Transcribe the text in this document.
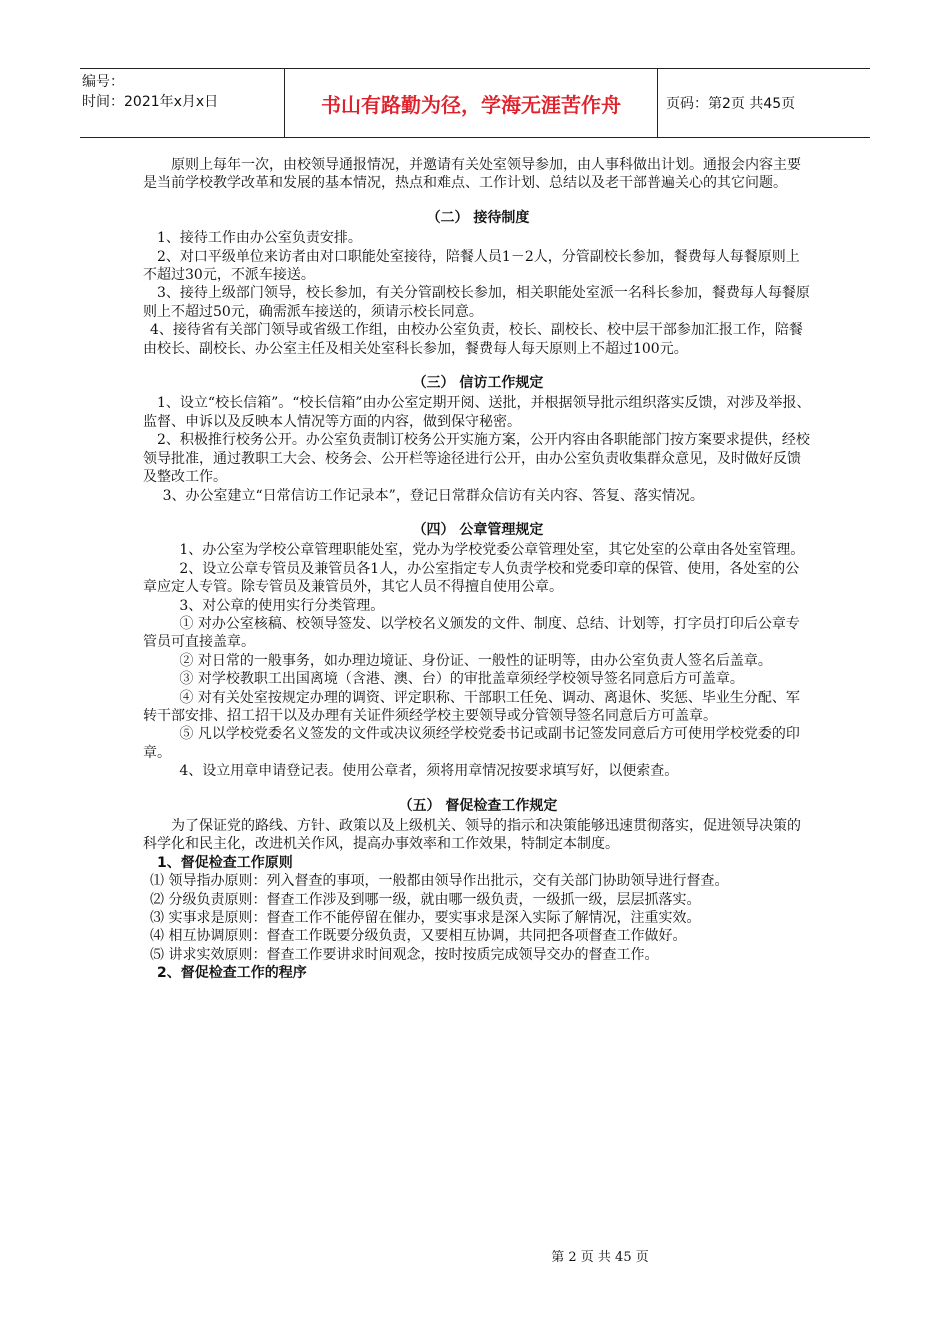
编号：
时间：2021年x月x日	书山有路勤为径，学海无涯苦作舟	页码：第2页 共45页

原则上每年一次，由校领导通报情况，并邀请有关处室领导参加，由人事科做出计划。通报会内容主要是当前学校教学改革和发展的基本情况，热点和难点、工作计划、总结以及老干部普遍关心的其它问题。

（二） 接待制度

1、接待工作由办公室负责安排。

2、对口平级单位来访者由对口职能处室接待，陪餐人员1－2人，分管副校长参加，餐费每人每餐原则上不超过30元，不派车接送。

3、接待上级部门领导，校长参加，有关分管副校长参加，相关职能处室派一名科长参加，餐费每人每餐原则上不超过50元，确需派车接送的，须请示校长同意。

4、接待省有关部门领导或省级工作组，由校办公室负责，校长、副校长、校中层干部参加汇报工作，陪餐由校长、副校长、办公室主任及相关处室科长参加，餐费每人每天原则上不超过100元。

（三） 信访工作规定

1、设立“校长信箱”。“校长信箱”由办公室定期开阅、送批，并根据领导批示组织落实反馈，对涉及举报、监督、申诉以及反映本人情况等方面的内容，做到保守秘密。

2、积极推行校务公开。办公室负责制订校务公开实施方案，公开内容由各职能部门按方案要求提供，经校领导批准，通过教职工大会、校务会、公开栏等途径进行公开，由办公室负责收集群众意见，及时做好反馈及整改工作。

3、办公室建立“日常信访工作记录本”，登记日常群众信访有关内容、答复、落实情况。

（四） 公章管理规定

1、办公室为学校公章管理职能处室，党办为学校党委公章管理处室，其它处室的公章由各处室管理。

2、设立公章专管员及兼管员各1人，办公室指定专人负责学校和党委印章的保管、使用，各处室的公章应定人专管。除专管员及兼管员外，其它人员不得擅自使用公章。

3、对公章的使用实行分类管理。

① 对办公室核稿、校领导签发、以学校名义颁发的文件、制度、总结、计划等，打字员打印后公章专管员可直接盖章。

② 对日常的一般事务，如办理边境证、身份证、一般性的证明等，由办公室负责人签名后盖章。

③ 对学校教职工出国离境（含港、澳、台）的审批盖章须经学校领导签名同意后方可盖章。

④ 对有关处室按规定办理的调资、评定职称、干部职工任免、调动、离退休、奖惩、毕业生分配、军转干部安排、招工招干以及办理有关证件须经学校主要领导或分管领导签名同意后方可盖章。

⑤ 凡以学校党委名义签发的文件或决议须经学校党委书记或副书记签发同意后方可使用学校党委的印章。

4、设立用章申请登记表。使用公章者，须将用章情况按要求填写好，以便索查。

（五） 督促检查工作规定

为了保证党的路线、方针、政策以及上级机关、领导的指示和决策能够迅速贯彻落实，促进领导决策的科学化和民主化，改进机关作风，提高办事效率和工作效果，特制定本制度。

1、督促检查工作原则

⑴ 领导指办原则：列入督查的事项，一般都由领导作出批示，交有关部门协助领导进行督查。

⑵ 分级负责原则：督查工作涉及到哪一级，就由哪一级负责，一级抓一级，层层抓落实。

⑶ 实事求是原则：督查工作不能停留在催办，要实事求是深入实际了解情况，注重实效。

⑷ 相互协调原则：督查工作既要分级负责，又要相互协调，共同把各项督查工作做好。

⑸ 讲求实效原则：督查工作要讲求时间观念，按时按质完成领导交办的督查工作。

2、督促检查工作的程序

第 2 页 共 45 页
